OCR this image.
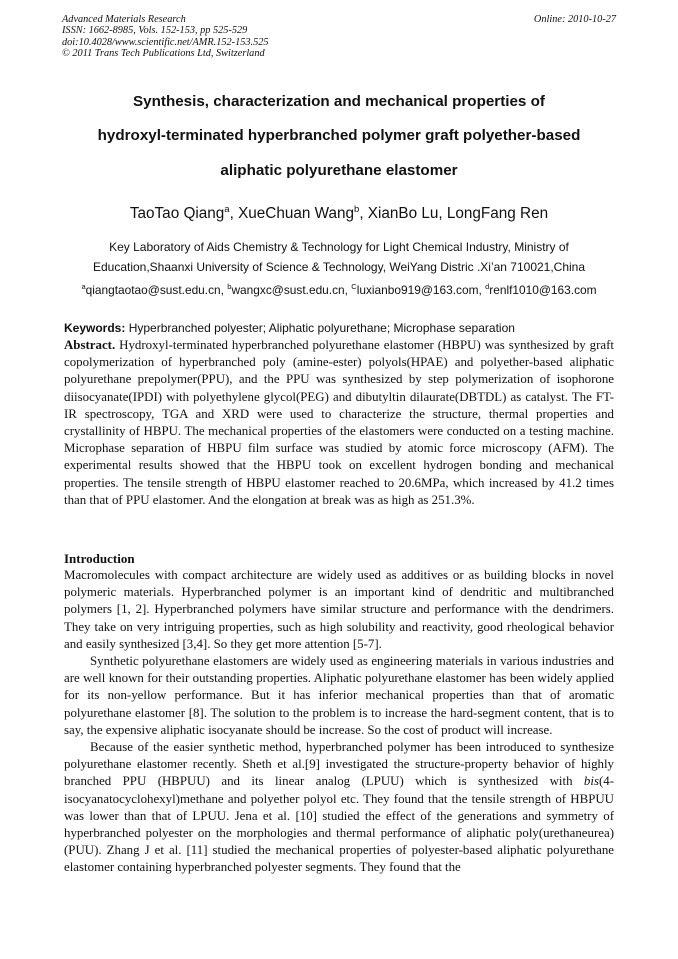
Advanced Materials Research
ISSN: 1662-8985, Vols. 152-153, pp 525-529
doi:10.4028/www.scientific.net/AMR.152-153.525
© 2011 Trans Tech Publications Ltd, Switzerland
Online: 2010-10-27
Synthesis, characterization and mechanical properties of
hydroxyl-terminated hyperbranched polymer graft polyether-based
aliphatic polyurethane elastomer
TaoTao Qiang$^a$, XueChuan Wang$^b$, XianBo Lu, LongFang Ren
Key Laboratory of Aids Chemistry & Technology for Light Chemical Industry, Ministry of
Education,Shaanxi University of Science & Technology, WeiYang Distric .Xi’an 710021,China
$^a$qiangtaotao@sust.edu.cn, $^b$wangxc@sust.edu.cn, $^C$luxianbo919@163.com, $^d$renlf1010@163.com
Keywords: Hyperbranched polyester; Aliphatic polyurethane; Microphase separation

Abstract. Hydroxyl-terminated hyperbranched polyurethane elastomer (HBPU) was synthesized by graft copolymerization of hyperbranched poly (amine-ester) polyols(HPAE) and polyether-based aliphatic polyurethane prepolymer(PPU), and the PPU was synthesized by step polymerization of isophorone diisocyanate(IPDI) with polyethylene glycol(PEG) and dibutyltin dilaurate(DBTDL) as catalyst. The FT-IR spectroscopy, TGA and XRD were used to characterize the structure, thermal properties and crystallinity of HBPU. The mechanical properties of the elastomers were conducted on a testing machine. Microphase separation of HBPU film surface was studied by atomic force microscopy (AFM). The experimental results showed that the HBPU took on excellent hydrogen bonding and mechanical properties. The tensile strength of HBPU elastomer reached to 20.6MPa, which increased by 41.2 times than that of PPU elastomer. And the elongation at break was as high as 251.3%.

Introduction

Macromolecules with compact architecture are widely used as additives or as building blocks in novel polymeric materials. Hyperbranched polymer is an important kind of dendritic and multibranched polymers [1, 2]. Hyperbranched polymers have similar structure and performance with the dendrimers. They take on very intriguing properties, such as high solubility and reactivity, good rheological behavior and easily synthesized [3,4]. So they get more attention [5-7].

Synthetic polyurethane elastomers are widely used as engineering materials in various industries and are well known for their outstanding properties. Aliphatic polyurethane elastomer has been widely applied for its non-yellow performance. But it has inferior mechanical properties than that of aromatic polyurethane elastomer [8]. The solution to the problem is to increase the hard-segment content, that is to say, the expensive aliphatic isocyanate should be increase. So the cost of product will increase.

Because of the easier synthetic method, hyperbranched polymer has been introduced to synthesize polyurethane elastomer recently. Sheth et al.[9] investigated the structure-property behavior of highly branched PPU (HBPUU) and its linear analog (LPUU) which is synthesized with bis(4-isocyanatocyclohexyl)methane and polyether polyol etc. They found that the tensile strength of HBPUU was lower than that of LPUU. Jena et al. [10] studied the effect of the generations and symmetry of hyperbranched polyester on the morphologies and thermal performance of aliphatic poly(urethaneurea) (PUU). Zhang J et al. [11] studied the mechanical properties of polyester-based aliphatic polyurethane elastomer containing hyperbranched polyester segments. They found that the
